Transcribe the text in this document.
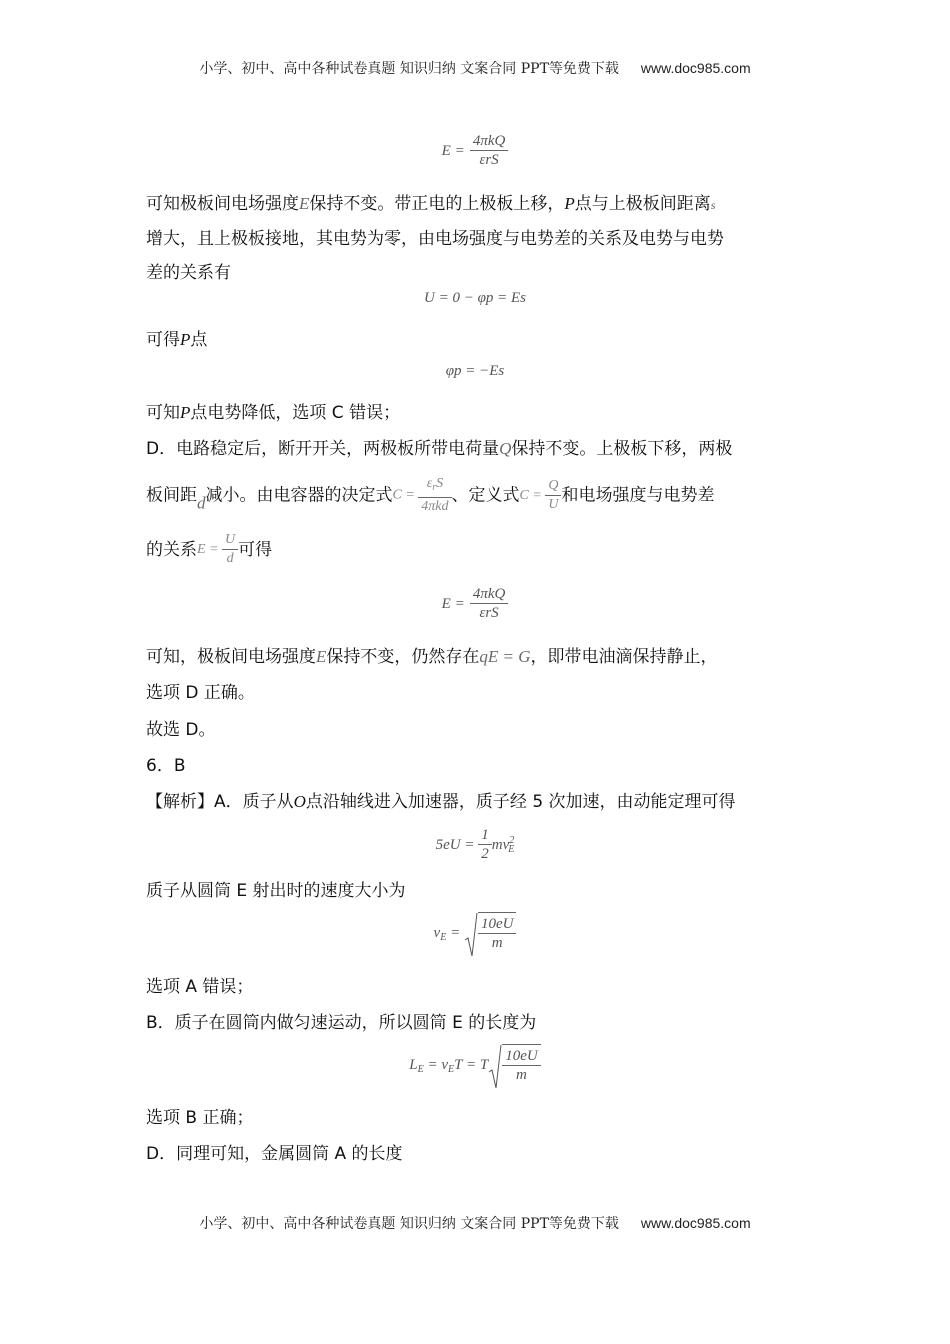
小学、初中、高中各种试卷真题 知识归纳 文案合同 PPT等免费下载 www.doc985.com
$E = \frac{\text{4πkQ}}{\text{εrS}}$
可知极板间电场强度E保持不变。带正电的上极板上移，P点与上极板间距离s
增大，且上极板接地，其电势为零，由电场强度与电势差的关系及电势与电势
差的关系有
U = 0 − φp = Es
可得P点
φp = −Es
可知P点电势降低，选项 C 错误；
D．电路稳定后，断开开关，两极板所带电荷量Q保持不变。上极板下移，两极
板间距d减小。由电容器的决定式$C = \frac{\varepsilon_rS}{\text{4πkd}}$ 、定义式$C = \frac{Q}{U}$ 和电场强度与电势差
的关系$E = \frac{U}{d}$ 可得
$E = \frac{\text{4πkQ}}{\text{εrS}}$
可知，极板间电场强度E保持不变，仍然存在qE = G，即带电油滴保持静止，
选项 D 正确。
故选 D。
6．B
【解析】A．质子从O点沿轴线进入加速器，质子经 5 次加速，由动能定理可得
$5eU = \frac{1}{2} mv^2_E$
质子从圆筒 E 射出时的速度大小为
$v_E = \frac{10eU}{m}$
选项 A 错误；
B．质子在圆筒内做匀速运动，所以圆筒 E 的长度为
$L_E = v_ET = T \frac{10eU}{m}$
选项 B 正确；
D．同理可知，金属圆筒 A 的长度
小学、初中、高中各种试卷真题 知识归纳 文案合同 PPT等免费下载 www.doc985.com
